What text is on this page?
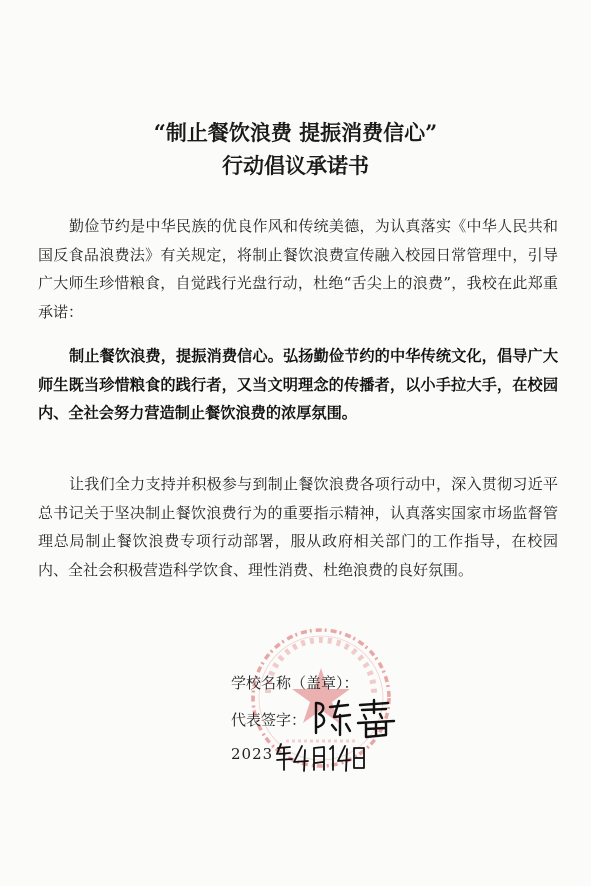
“制止餐饮浪费 提振消费信心”
行动倡议承诺书

勤俭节约是中华民族的优良作风和传统美德，为认真落实《中华人民共和国反食品浪费法》有关规定，将制止餐饮浪费宣传融入校园日常管理中，引导广大师生珍惜粮食，自觉践行光盘行动，杜绝“舌尖上的浪费”，我校在此郑重承诺：

制止餐饮浪费，提振消费信心。弘扬勤俭节约的中华传统文化，倡导广大师生既当珍惜粮食的践行者，又当文明理念的传播者，以小手拉大手，在校园内、全社会努力营造制止餐饮浪费的浓厚氛围。

让我们全力支持并积极参与到制止餐饮浪费各项行动中，深入贯彻习近平总书记关于坚决制止餐饮浪费行为的重要指示精神，认真落实国家市场监督管理总局制止餐饮浪费专项行动部署，服从政府相关部门的工作指导，在校园内、全社会积极营造科学饮食、理性消费、杜绝浪费的良好氛围。

学校名称（盖章）：
代表签字：
2023
